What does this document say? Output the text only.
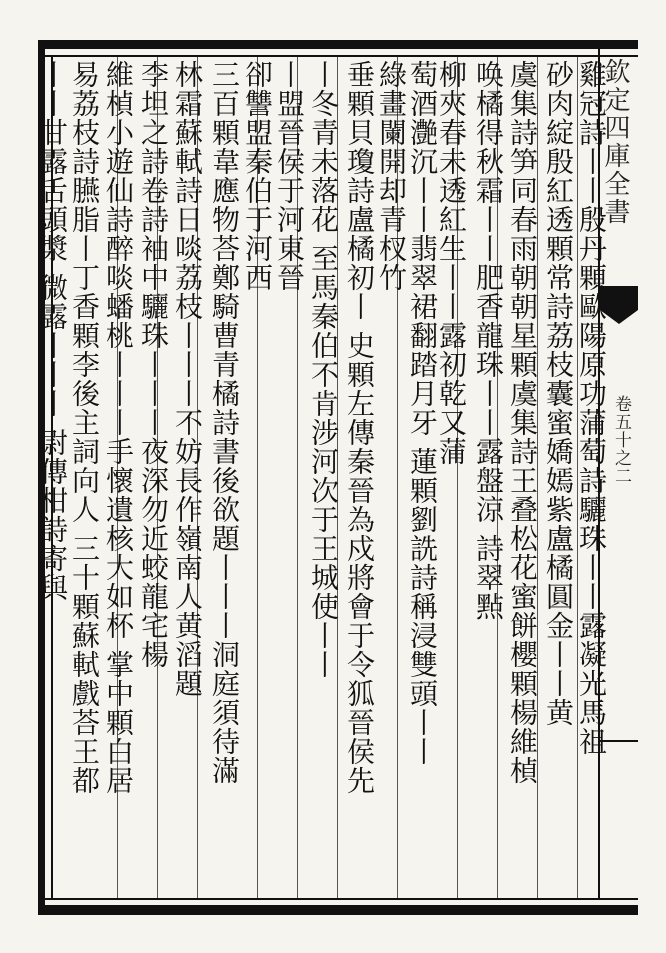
欽定四庫全書
卷五十之二
雞冠詩丨丨殷丹顆歐陽原功蒲萄詩驪珠丨丨露凝光馬祖
砂肉綻殷紅透顆常詩荔枝囊蜜嬌嫣紫盧橘圓金丨丨黄
虞集詩笋同春雨朝朝星顆虞集詩王叠松花蜜餅櫻顆楊維楨
唤橘得秋霜丨丨肥香龍珠丨丨露盤涼 詩翠㸃
柳夾春未透紅生丨丨露初乾又蒲
萄酒灔沉丨丨翡翠裙翻踏月牙 蓮顆劉詵詩稱浸雙頭丨丨
綠畫闌開却青杈竹
垂顆貝瓊詩盧橘初丨 史顆左傳秦晉為戍將會于令狐晉侯先
丨冬青未落花 至馬秦伯不肯涉河次于王城使丨丨
丨盟晉侯于河東晉
卻讐盟秦伯于河西
三百顆韋應物荅鄭騎曹青橘詩書後欲題丨丨丨洞庭須待滿
林霜蘇軾詩日啖荔枝丨丨丨不妨長作嶺南人黄滔題
李坦之詩卷詩袖中驪珠丨丨丨夜深勿近蛟龍宅楊
維楨小遊仙詩醉啖蟠桃丨丨丨手懷遺核大如杯 掌中顆白居
易荔枝詩臙脂丨丁香顆李後主詞向人 三十顆蘇軾戲荅王都
丨丨甘露舌頭漿 微露丨丨丨 尉傳柑詩寄與
